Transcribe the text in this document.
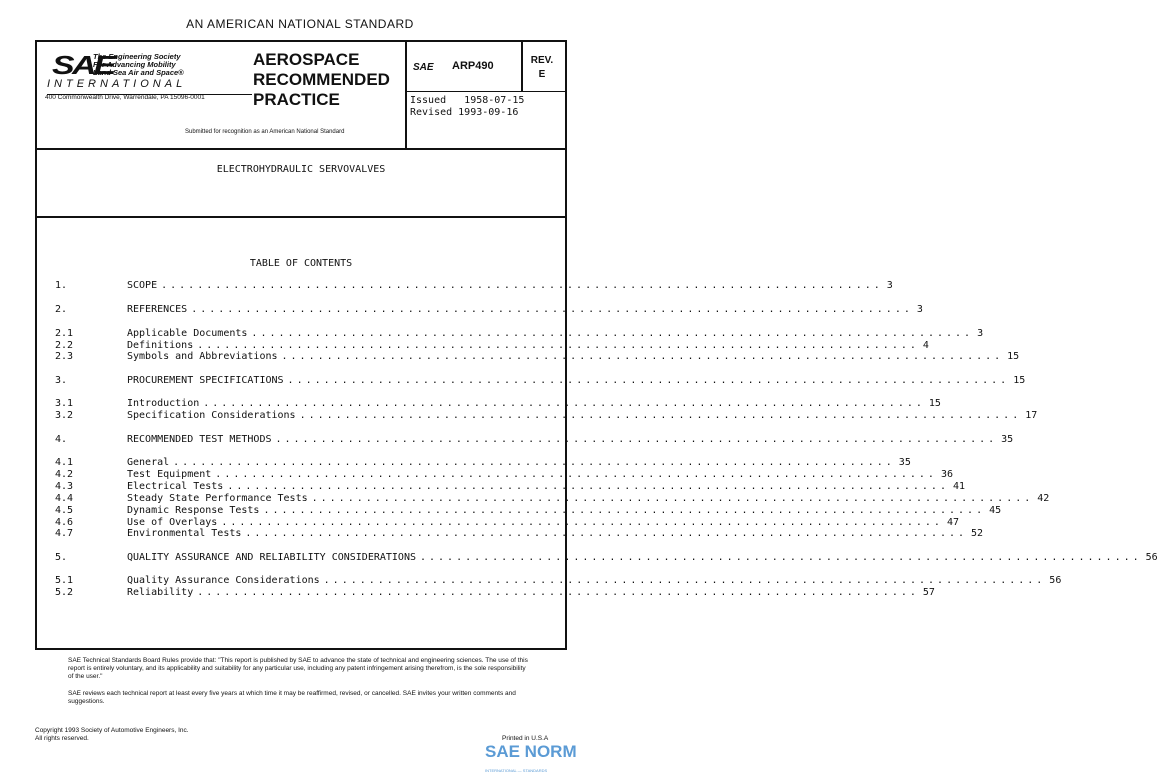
AN AMERICAN NATIONAL STANDARD
SAE
The Engineering Society
For Advancing Mobility
Land Sea Air and Space®
INTERNATIONAL
400 Commonwealth Drive, Warrendale, PA 15096-0001
AEROSPACE
RECOMMENDED
PRACTICE
Submitted for recognition as an American National Standard
SAE ARP490	REV.
E
Issued   1958-07-15
Revised 1993-09-16
ELECTROHYDRAULIC SERVOVALVES
TABLE OF CONTENTS
1.	SCOPE ................................................................................ 3
2.	REFERENCES ................................................................................ 3
2.1	Applicable Documents ................................................................................ 3
2.2	Definitions ................................................................................ 4
2.3	Symbols and Abbreviations ................................................................................ 15
3.	PROCUREMENT SPECIFICATIONS ................................................................................ 15
3.1	Introduction ................................................................................ 15
3.2	Specification Considerations ................................................................................ 17
4.	RECOMMENDED TEST METHODS ................................................................................ 35
4.1	General ................................................................................ 35
4.2	Test Equipment ................................................................................ 36
4.3	Electrical Tests ................................................................................ 41
4.4	Steady State Performance Tests ................................................................................ 42
4.5	Dynamic Response Tests ................................................................................ 45
4.6	Use of Overlays ................................................................................ 47
4.7	Environmental Tests ................................................................................ 52
5.	QUALITY ASSURANCE AND RELIABILITY CONSIDERATIONS ................................................................................ 56
5.1	Quality Assurance Considerations ................................................................................ 56
5.2	Reliability ................................................................................ 57
SAE Technical Standards Board Rules provide that: "This report is published by SAE to advance the state of technical and engineering sciences. The use of this report is entirely voluntary, and its applicability and suitability for any particular use, including any patent infringement arising therefrom, is the sole responsibility of the user."
SAE reviews each technical report at least every five years at which time it may be reaffirmed, revised, or cancelled. SAE invites your written comments and suggestions.
Copyright 1993 Society of Automotive Engineers, Inc.
All rights reserved.	Printed in U.S.A
SAE NORM
INTERNATIONAL — STANDARDS
